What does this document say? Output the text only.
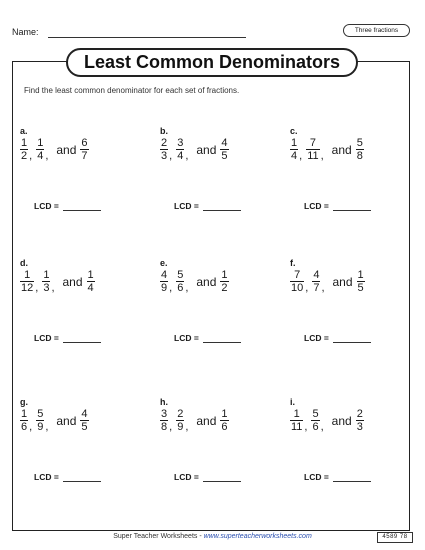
Name:	Three fractions
Least Common Denominators
Find the least common denominator for each set of fractions.
a.
$\frac{1}{2}$ , $\frac{1}{4}$ , and $\frac{6}{7}$
LCD =
b.
$\frac{2}{3}$ , $\frac{3}{4}$ , and $\frac{4}{5}$
LCD =
c.
$\frac{1}{4}$ , $\frac{7}{11}$ , and $\frac{5}{8}$
LCD =
d.
$\frac{1}{12}$ , $\frac{1}{3}$ , and $\frac{1}{4}$
LCD =
e.
$\frac{4}{9}$ , $\frac{5}{6}$ , and $\frac{1}{2}$
LCD =
f.
$\frac{7}{10}$ , $\frac{4}{7}$ , and $\frac{1}{5}$
LCD =
g.
$\frac{1}{6}$ , $\frac{5}{9}$ , and $\frac{4}{5}$
LCD =
h.
$\frac{3}{8}$ , $\frac{2}{9}$ , and $\frac{1}{6}$
LCD =
i.
$\frac{1}{11}$ , $\frac{5}{6}$ , and $\frac{2}{3}$
LCD =
Super Teacher Worksheets - www.superteacherworksheets.com	4589 78
